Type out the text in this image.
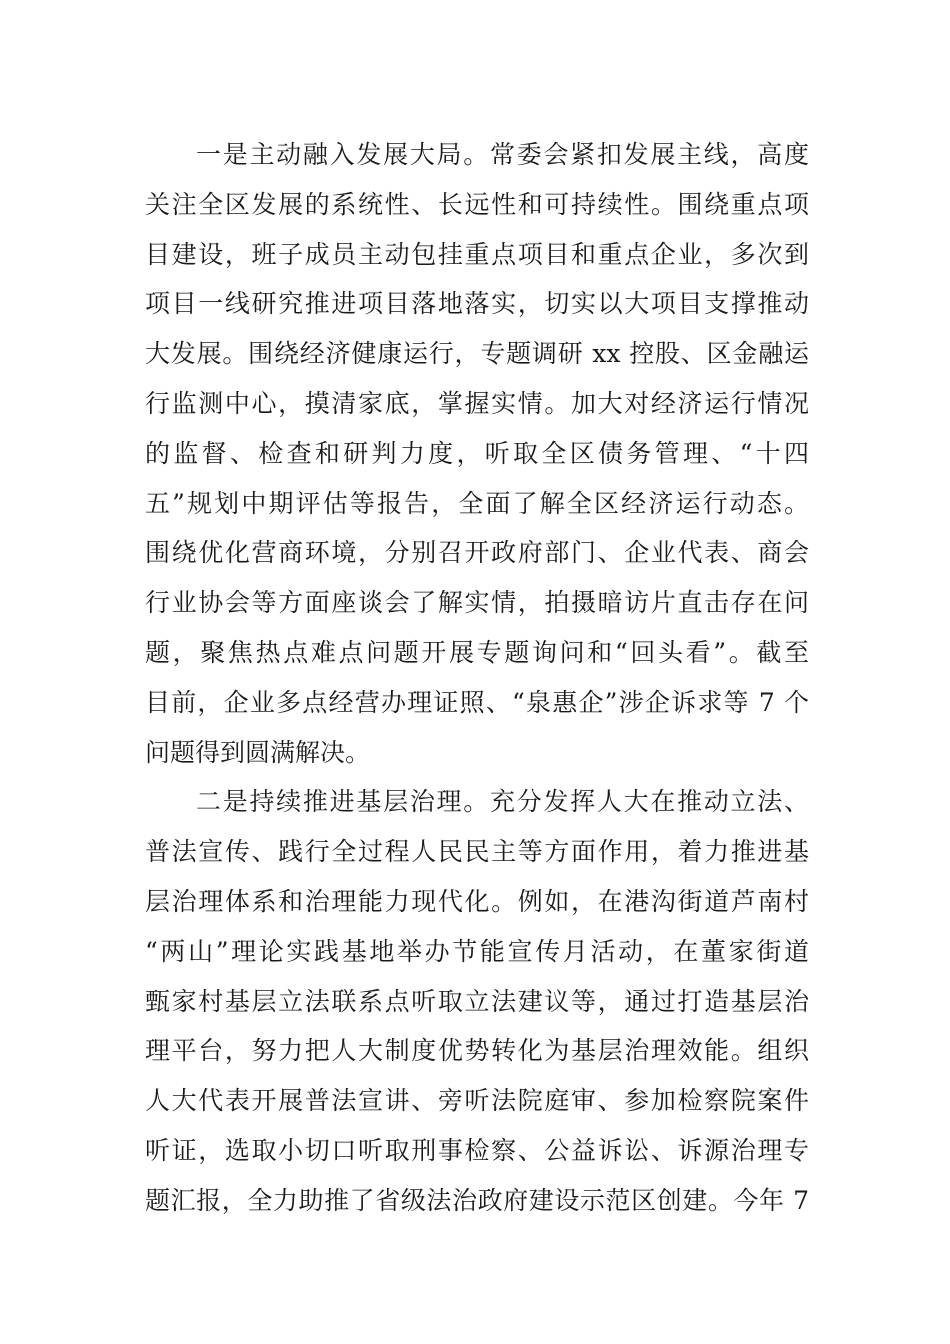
一是主动融入发展大局。常委会紧扣发展主线，高度
关注全区发展的系统性、长远性和可持续性。围绕重点项
目建设，班子成员主动包挂重点项目和重点企业，多次到
项目一线研究推进项目落地落实，切实以大项目支撑推动
大发展。围绕经济健康运行，专题调研 xx 控股、区金融运
行监测中心，摸清家底，掌握实情。加大对经济运行情况
的监督、检查和研判力度，听取全区债务管理、“十四
五”规划中期评估等报告，全面了解全区经济运行动态。
围绕优化营商环境，分别召开政府部门、企业代表、商会
行业协会等方面座谈会了解实情，拍摄暗访片直击存在问
题，聚焦热点难点问题开展专题询问和“回头看”。截至
目前，企业多点经营办理证照、“泉惠企”涉企诉求等 7 个
问题得到圆满解决。
二是持续推进基层治理。充分发挥人大在推动立法、
普法宣传、践行全过程人民民主等方面作用，着力推进基
层治理体系和治理能力现代化。例如，在港沟街道芦南村
“两山”理论实践基地举办节能宣传月活动，在董家街道
甄家村基层立法联系点听取立法建议等，通过打造基层治
理平台，努力把人大制度优势转化为基层治理效能。组织
人大代表开展普法宣讲、旁听法院庭审、参加检察院案件
听证，选取小切口听取刑事检察、公益诉讼、诉源治理专
题汇报，全力助推了省级法治政府建设示范区创建。今年 7
